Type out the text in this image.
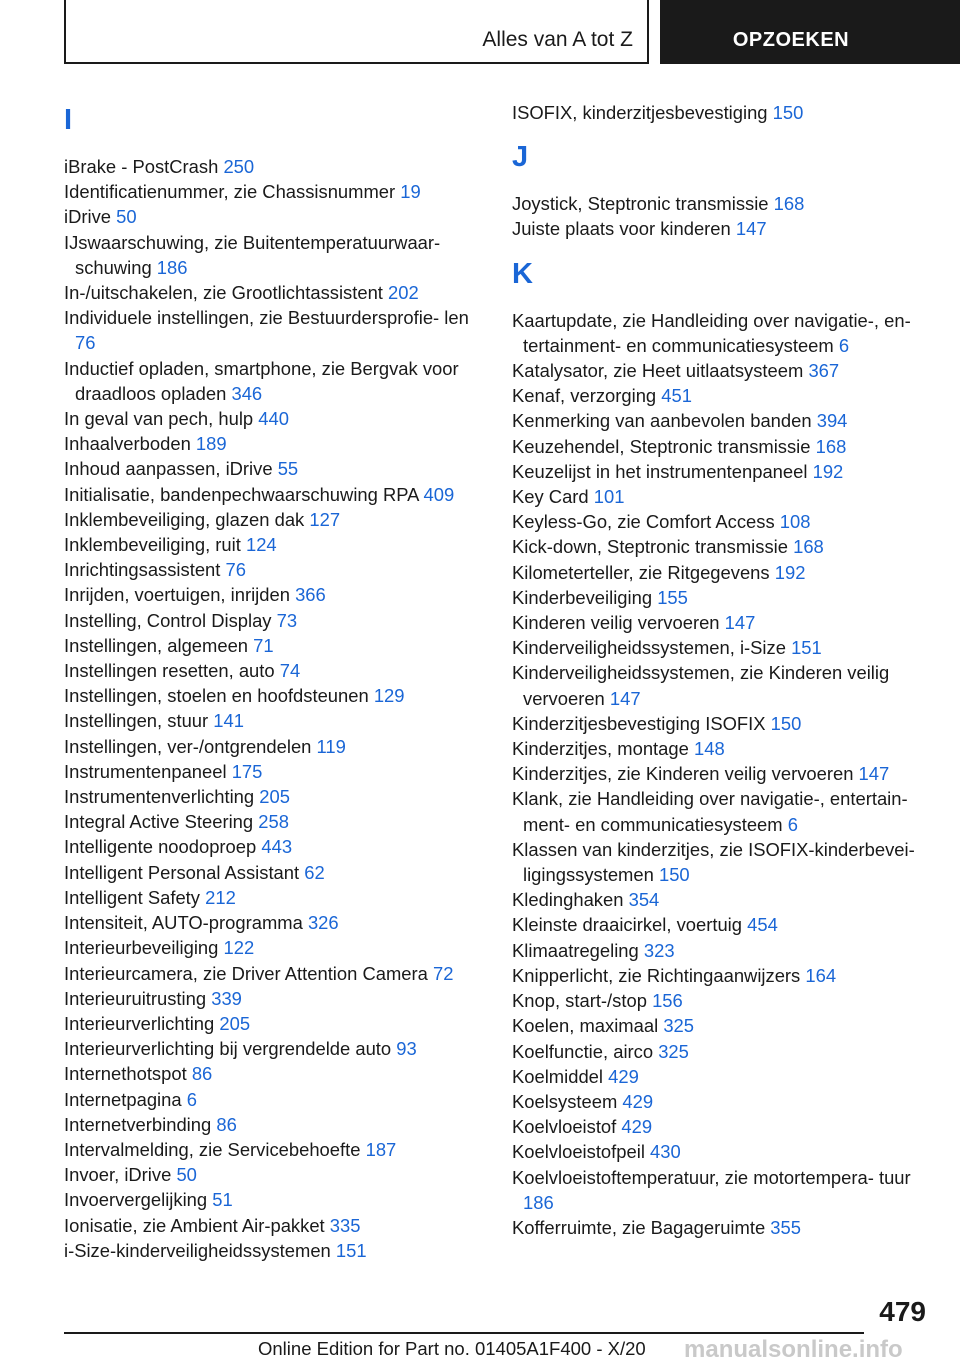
Alles van A tot Z	OPZOEKEN
I
iBrake - PostCrash 250
Identificatienummer, zie Chassisnummer 19
iDrive 50
IJswaarschuwing, zie Buitentemperatuurwaar- schuwing 186
In-/uitschakelen, zie Grootlichtassistent 202
Individuele instellingen, zie Bestuurdersprofie- len 76
Inductief opladen, smartphone, zie Bergvak voor draadloos opladen 346
In geval van pech, hulp 440
Inhaalverboden 189
Inhoud aanpassen, iDrive 55
Initialisatie, bandenpechwaarschuwing RPA 409
Inklembeveiliging, glazen dak 127
Inklembeveiliging, ruit 124
Inrichtingsassistent 76
Inrijden, voertuigen, inrijden 366
Instelling, Control Display 73
Instellingen, algemeen 71
Instellingen resetten, auto 74
Instellingen, stoelen en hoofdsteunen 129
Instellingen, stuur 141
Instellingen, ver-/ontgrendelen 119
Instrumentenpaneel 175
Instrumentenverlichting 205
Integral Active Steering 258
Intelligente noodoproep 443
Intelligent Personal Assistant 62
Intelligent Safety 212
Intensiteit, AUTO-programma 326
Interieurbeveiliging 122
Interieurcamera, zie Driver Attention Camera 72
Interieuruitrusting 339
Interieurverlichting 205
Interieurverlichting bij vergrendelde auto 93
Internethotspot 86
Internetpagina 6
Internetverbinding 86
Intervalmelding, zie Servicebehoefte 187
Invoer, iDrive 50
Invoervergelijking 51
Ionisatie, zie Ambient Air-pakket 335
i-Size-kinderveiligheidssystemen 151
ISOFIX, kinderzitjesbevestiging 150
J
Joystick, Steptronic transmissie 168
Juiste plaats voor kinderen 147
K
Kaartupdate, zie Handleiding over navigatie-, en- tertainment- en communicatiesysteem 6
Katalysator, zie Heet uitlaatsysteem 367
Kenaf, verzorging 451
Kenmerking van aanbevolen banden 394
Keuzehendel, Steptronic transmissie 168
Keuzelijst in het instrumentenpaneel 192
Key Card 101
Keyless-Go, zie Comfort Access 108
Kick-down, Steptronic transmissie 168
Kilometerteller, zie Ritgegevens 192
Kinderbeveiliging 155
Kinderen veilig vervoeren 147
Kinderveiligheidssystemen, i-Size 151
Kinderveiligheidssystemen, zie Kinderen veilig vervoeren 147
Kinderzitjesbevestiging ISOFIX 150
Kinderzitjes, montage 148
Kinderzitjes, zie Kinderen veilig vervoeren 147
Klank, zie Handleiding over navigatie-, entertain- ment- en communicatiesysteem 6
Klassen van kinderzitjes, zie ISOFIX-kinderbevei- ligingssystemen 150
Kledinghaken 354
Kleinste draaicirkel, voertuig 454
Klimaatregeling 323
Knipperlicht, zie Richtingaanwijzers 164
Knop, start-/stop 156
Koelen, maximaal 325
Koelfunctie, airco 325
Koelmiddel 429
Koelsysteem 429
Koelvloeistof 429
Koelvloeistofpeil 430
Koelvloeistoftemperatuur, zie motortempera- tuur 186
Kofferruimte, zie Bagageruimte 355
479
Online Edition for Part no. 01405A1F400 - X/20 manualsonline.info
